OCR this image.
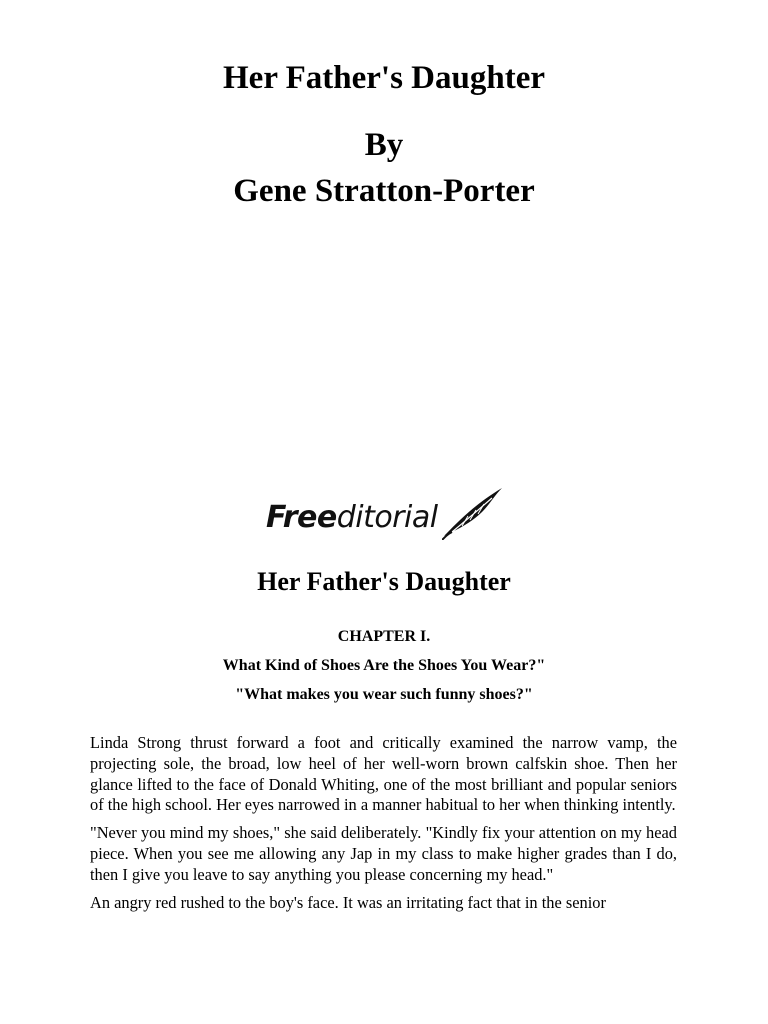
Her Father's Daughter
By
Gene Stratton-Porter
Freeditorial
Her Father's Daughter
CHAPTER I.
What Kind of Shoes Are the Shoes You Wear?"
"What makes you wear such funny shoes?"

Linda Strong thrust forward a foot and critically examined the narrow vamp, the projecting sole, the broad, low heel of her well-worn brown calfskin shoe. Then her glance lifted to the face of Donald Whiting, one of the most brilliant and popular seniors of the high school. Her eyes narrowed in a manner habitual to her when thinking intently.

"Never you mind my shoes," she said deliberately. "Kindly fix your attention on my head piece. When you see me allowing any Jap in my class to make higher grades than I do, then I give you leave to say anything you please concerning my head."

An angry red rushed to the boy's face. It was an irritating fact that in the senior
